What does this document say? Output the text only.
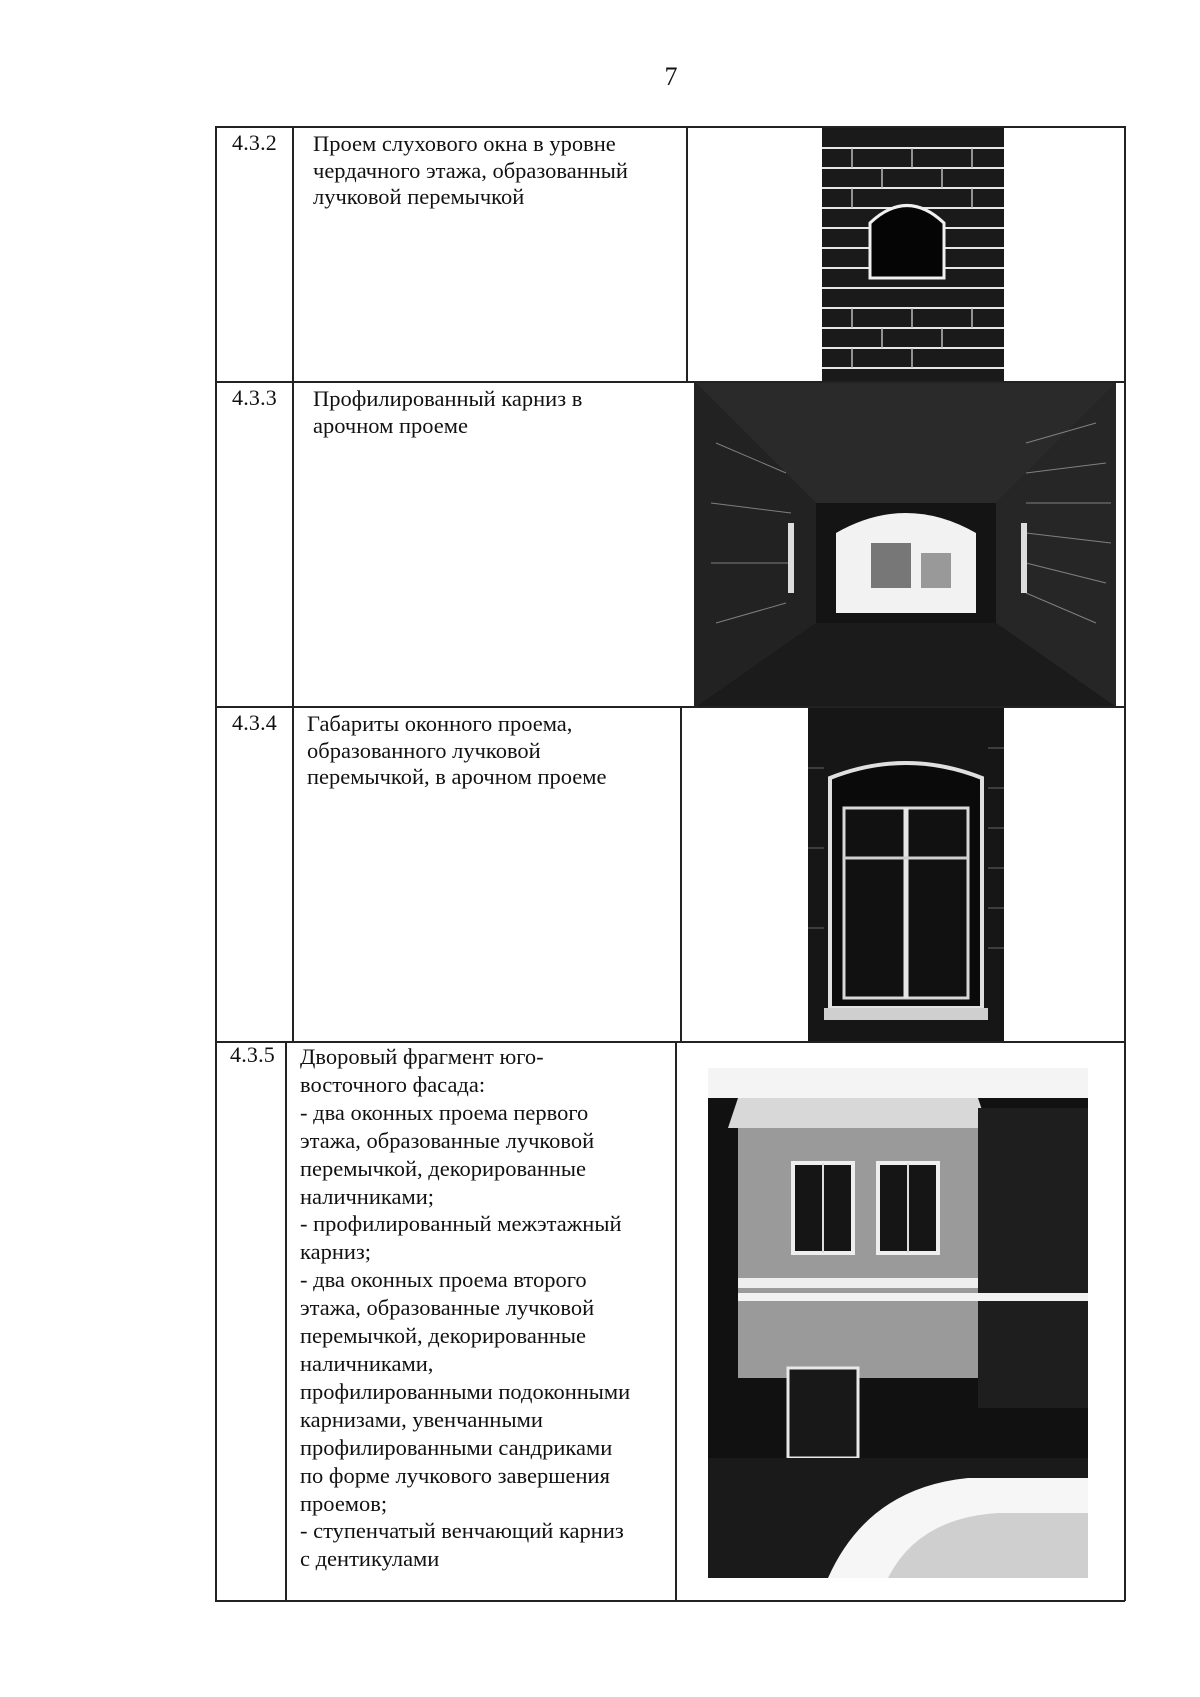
7
4.3.2 Проем слухового окна в уровне
чердачного этажа, образованный
лучковой перемычкой
4.3.3 Профилированный карниз в
арочном проеме
4.3.4 Габариты оконного проема,
образованного лучковой
перемычкой, в арочном проеме
4.3.5 Дворовый фрагмент юго-
восточного фасада:
- два оконных проема первого
этажа, образованные лучковой
перемычкой, декорированные
наличниками;
- профилированный межэтажный
карниз;
- два оконных проема второго
этажа, образованные лучковой
перемычкой, декорированные
наличниками,
профилированными подоконными
карнизами, увенчанными
профилированными сандриками
по форме лучкового завершения
проемов;
- ступенчатый венчающий карниз
с дентикулами
